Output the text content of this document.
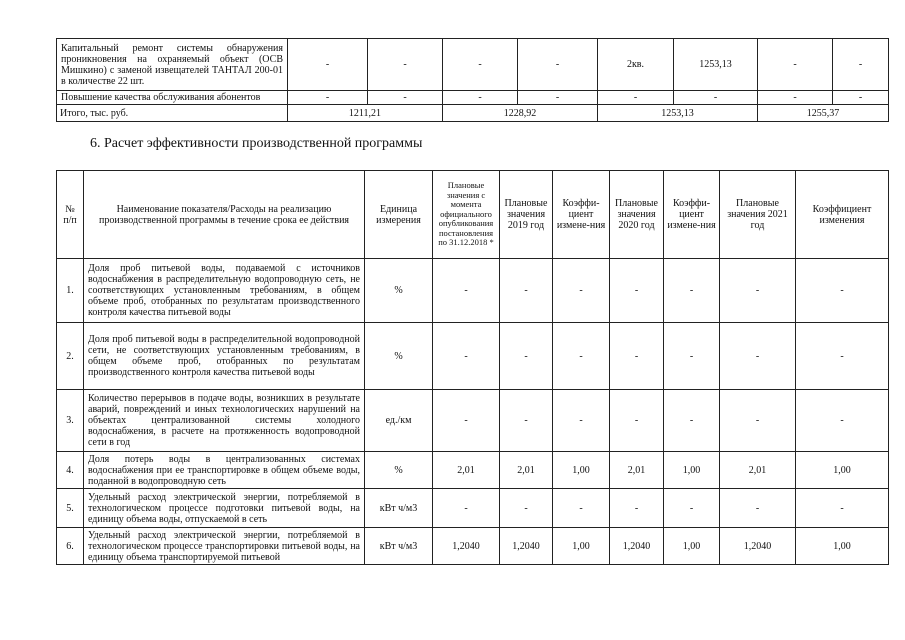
Капитальный ремонт системы обнаружения проникновения на охраняемый объект (ОСВ Мишкино) с заменой извещателей ТАНТАЛ 200-01 в количестве 22 шт.	-	-	-	-	2кв.	1253,13	-	-
Повышение качества обслуживания абонентов	-	-	-	-	-	-	-	-
Итого, тыс. руб.	1211,21		1228,92		1253,13		1255,37	
6. Расчет эффективности производственной программы
№ п/п	Наименование показателя/Расходы на реализацию производственной программы в течение срока ее действия	Единица измерения	Плановые значения с момента официального опубликования постановления по 31.12.2018 *	Плановые значения 2019 год	Коэффи-циент измене-ния	Плановые значения 2020 год	Коэффи-циент измене-ния	Плановые значения 2021 год	Коэффициент изменения
1.	Доля проб питьевой воды, подаваемой с источников водоснабжения в распределительную водопроводную сеть, не соответствующих установленным требованиям, в общем объеме проб, отобранных по результатам производственного контроля качества питьевой воды	%	-	-	-	-	-	-	-
2.	Доля проб питьевой воды в распределительной водопроводной сети, не соответствующих установленным требованиям, в общем объеме проб, отобранных по результатам производственного контроля качества питьевой воды	%	-	-	-	-	-	-	-
3.	Количество перерывов в подаче воды, возникших в результате аварий, повреждений и иных технологических нарушений на объектах централизованной системы холодного водоснабжения, в расчете на протяженность водопроводной сети в год	ед./км	-	-	-	-	-	-	-
4.	Доля потерь воды в централизованных системах водоснабжения при ее транспортировке в общем объеме воды, поданной в водопроводную сеть	%	2,01	2,01	1,00	2,01	1,00	2,01	1,00
5.	Удельный расход электрической энергии, потребляемой в технологическом процессе подготовки питьевой воды, на единицу объема воды, отпускаемой в сеть	кВт ч/м3	-	-	-	-	-	-	-
6.	Удельный расход электрической энергии, потребляемой в технологическом процессе транспортировки питьевой воды, на единицу объема транспортируемой питьевой	кВт ч/м3	1,2040	1,2040	1,00	1,2040	1,00	1,2040	1,00
